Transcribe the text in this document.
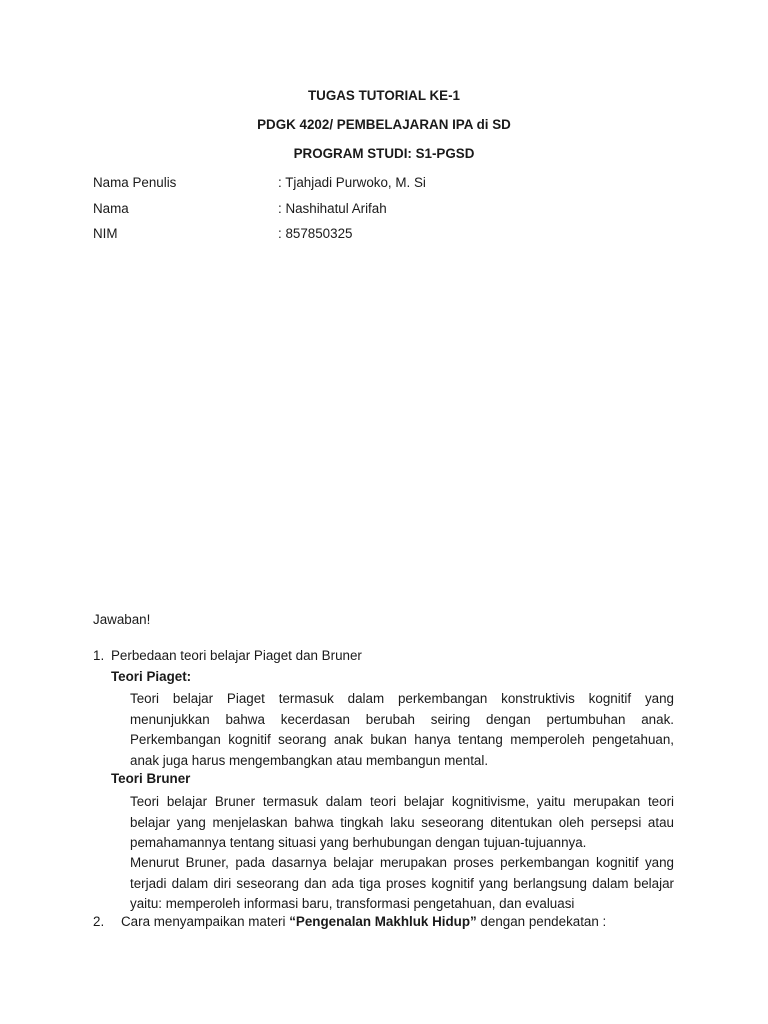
TUGAS TUTORIAL KE-1
PDGK 4202/ PEMBELAJARAN IPA di SD
PROGRAM STUDI: S1-PGSD
Nama Penulis	: Tjahjadi Purwoko, M. Si
Nama	: Nashihatul Arifah
NIM	: 857850325
Jawaban!
1. Perbedaan teori belajar Piaget dan Bruner
Teori Piaget:
Teori belajar Piaget termasuk dalam perkembangan konstruktivis kognitif yang menunjukkan bahwa kecerdasan berubah seiring dengan pertumbuhan anak. Perkembangan kognitif seorang anak bukan hanya tentang memperoleh pengetahuan, anak juga harus mengembangkan atau membangun mental.
Teori Bruner
Teori belajar Bruner termasuk dalam teori belajar kognitivisme, yaitu merupakan teori belajar yang menjelaskan bahwa tingkah laku seseorang ditentukan oleh persepsi atau pemahamannya tentang situasi yang berhubungan dengan tujuan-tujuannya.
Menurut Bruner, pada dasarnya belajar merupakan proses perkembangan kognitif yang terjadi dalam diri seseorang dan ada tiga proses kognitif yang berlangsung dalam belajar yaitu: memperoleh informasi baru, transformasi pengetahuan, dan evaluasi
2. Cara menyampaikan materi “Pengenalan Makhluk Hidup” dengan pendekatan :
